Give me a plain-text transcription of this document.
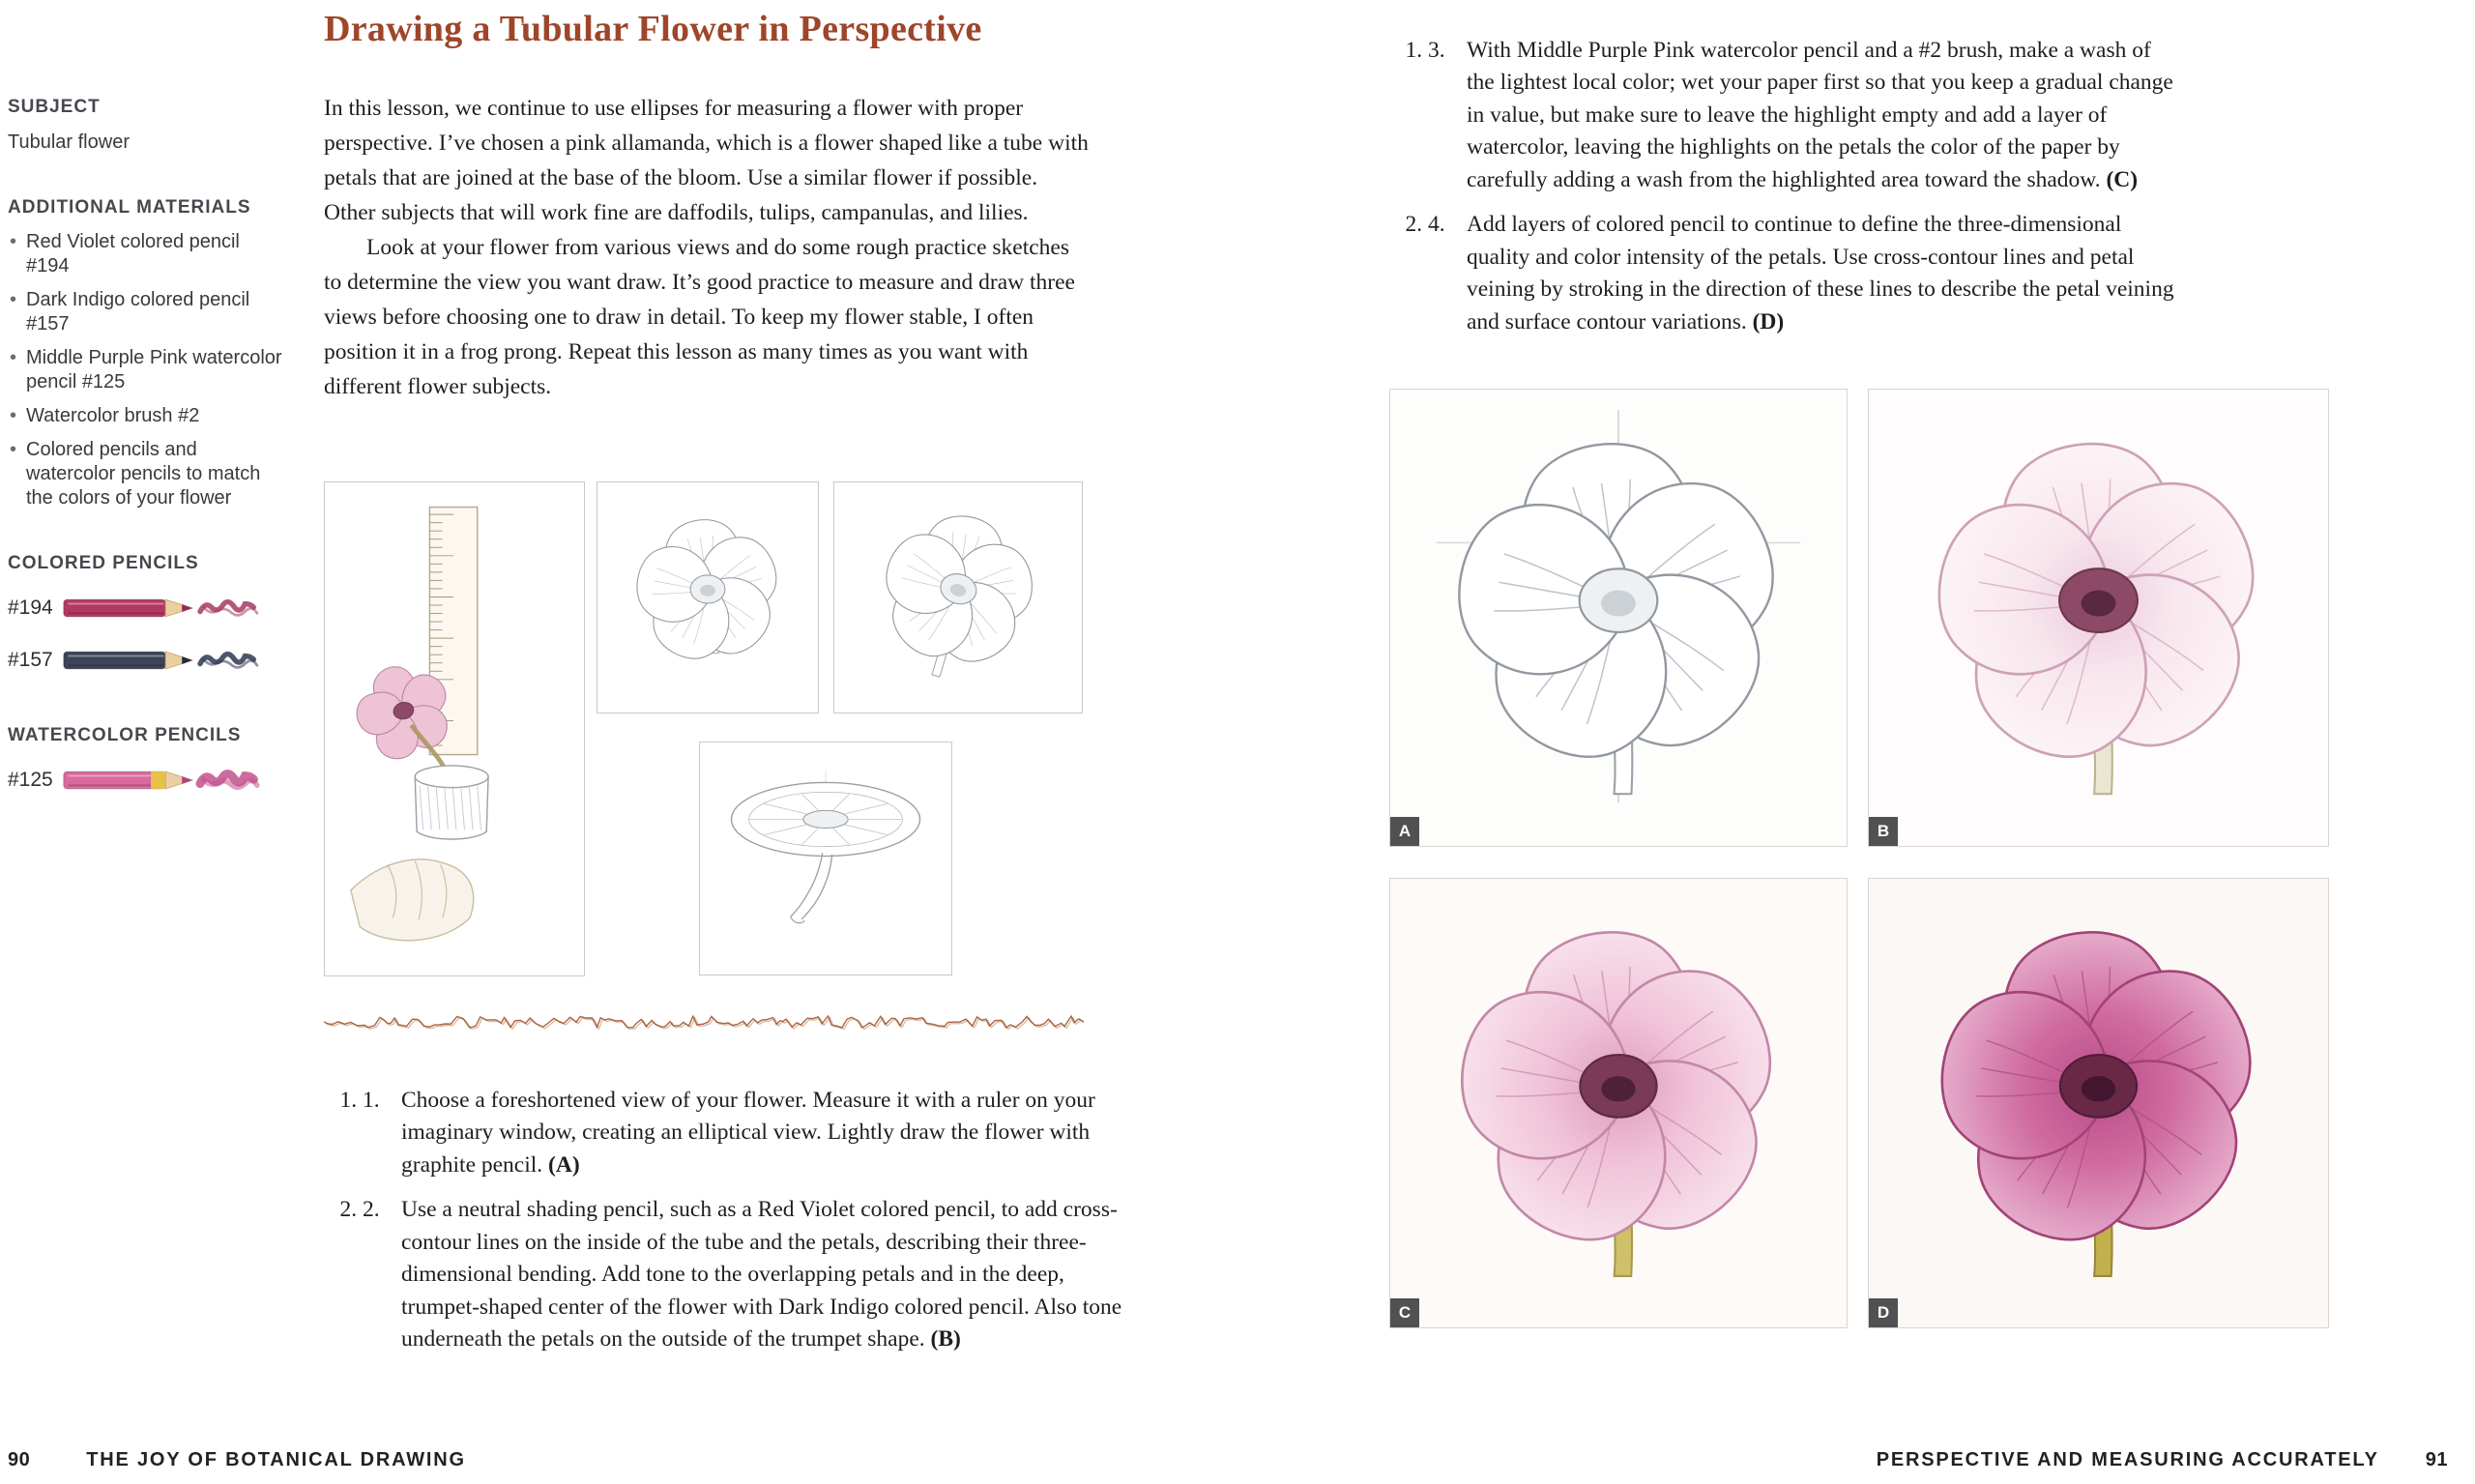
Drawing a Tubular Flower in Perspective
SUBJECT

Tubular flower

ADDITIONAL MATERIALS
• Red Violet colored pencil #194
• Dark Indigo colored pencil #157
• Middle Purple Pink watercolor pencil #125
• Watercolor brush #2
• Colored pencils and watercolor pencils to match the colors of your flower
COLORED PENCILS
#194
#157
WATERCOLOR PENCILS
#125

In this lesson, we continue to use ellipses for measuring a flower with proper perspective. I’ve chosen a pink allamanda, which is a flower shaped like a tube with petals that are joined at the base of the bloom. Use a similar flower if possible. Other subjects that will work fine are daffodils, tulips, campanulas, and lilies.

Look at your flower from various views and do some rough practice sketches to determine the view you want draw. It’s good practice to measure and draw three views before choosing one to draw in detail. To keep my flower stable, I often position it in a frog prong. Repeat this lesson as many times as you want with different flower subjects.

1. 1. Choose a foreshortened view of your flower. Measure it with a ruler on your imaginary window, creating an elliptical view. Lightly draw the flower with graphite pencil. (A)
2. 2. Use a neutral shading pencil, such as a Red Violet colored pencil, to add cross-contour lines on the inside of the tube and the petals, describing their three-dimensional bending. Add tone to the overlapping petals and in the deep, trumpet-shaped center of the flower with Dark Indigo colored pencil. Also tone underneath the petals on the outside of the trumpet shape. (B)
90	THE JOY OF BOTANICAL DRAWING
1. 3. With Middle Purple Pink watercolor pencil and a #2 brush, make a wash of the lightest local color; wet your paper first so that you keep a gradual change in value, but make sure to leave the highlight empty and add a layer of watercolor, leaving the highlights on the petals the color of the paper by carefully adding a wash from the highlighted area toward the shadow. (C)
2. 4. Add layers of colored pencil to continue to define the three-dimensional quality and color intensity of the petals. Use cross-contour lines and petal veining by stroking in the direction of these lines to describe the petal veining and surface contour variations. (D)
A	B
C	D
PERSPECTIVE AND MEASURING ACCURATELY 91
